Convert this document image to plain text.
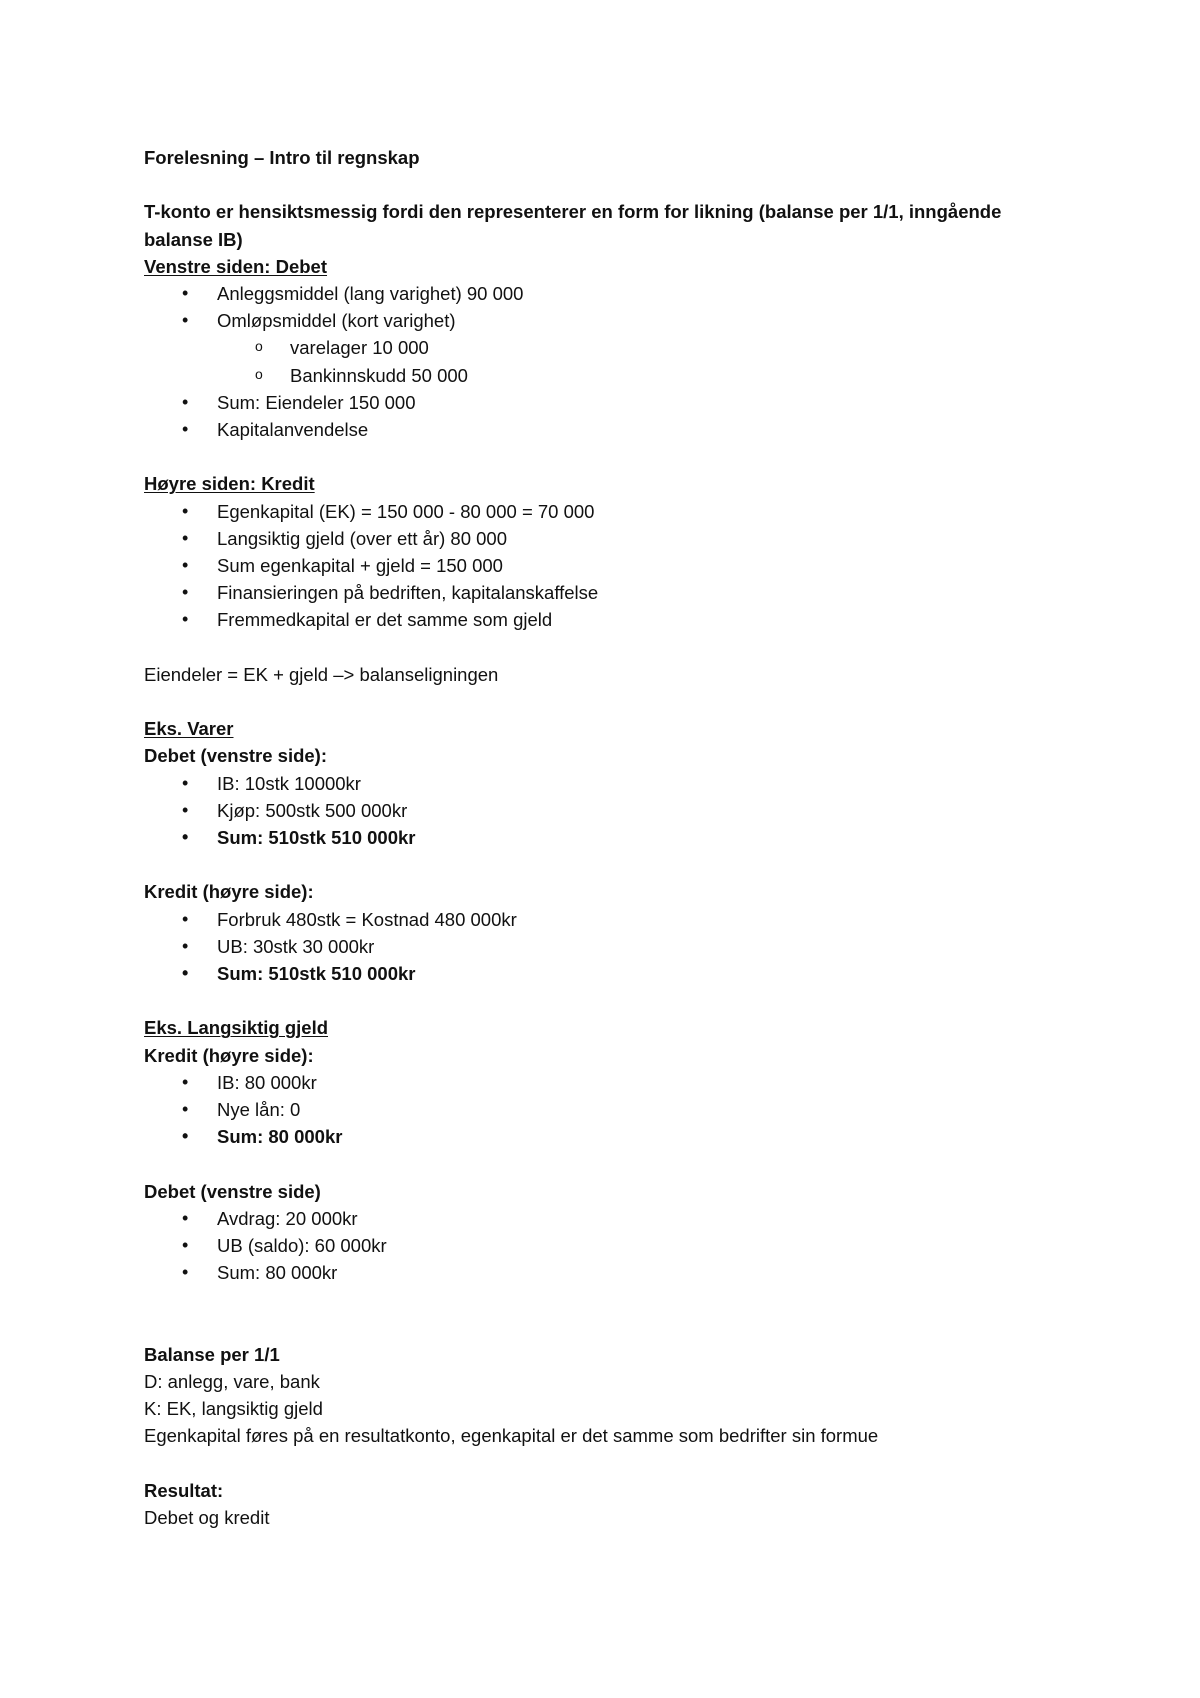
Forelesning – Intro til regnskap
T-konto er hensiktsmessig fordi den representerer en form for likning (balanse per 1/1, inngående balanse IB)
Venstre siden: Debet
• Anleggsmiddel (lang varighet) 90 000
• Omløpsmiddel (kort varighet)
o varelager 10 000
o Bankinnskudd 50 000
• Sum: Eiendeler 150 000
• Kapitalanvendelse
Høyre siden: Kredit
• Egenkapital (EK) = 150 000 - 80 000 = 70 000
• Langsiktig gjeld (over ett år) 80 000
• Sum egenkapital + gjeld = 150 000
• Finansieringen på bedriften, kapitalanskaffelse
• Fremmedkapital er det samme som gjeld
Eiendeler = EK + gjeld –> balanseligningen
Eks. Varer
Debet (venstre side):
• IB: 10stk 10000kr
• Kjøp: 500stk 500 000kr
• Sum: 510stk 510 000kr
Kredit (høyre side):
• Forbruk 480stk = Kostnad 480 000kr
• UB: 30stk 30 000kr
• Sum: 510stk 510 000kr
Eks. Langsiktig gjeld
Kredit (høyre side):
• IB: 80 000kr
• Nye lån: 0
• Sum: 80 000kr
Debet (venstre side)
• Avdrag: 20 000kr
• UB (saldo): 60 000kr
• Sum: 80 000kr
Balanse per 1/1
D: anlegg, vare, bank
K: EK, langsiktig gjeld
Egenkapital føres på en resultatkonto, egenkapital er det samme som bedrifter sin formue
Resultat:
Debet og kredit
